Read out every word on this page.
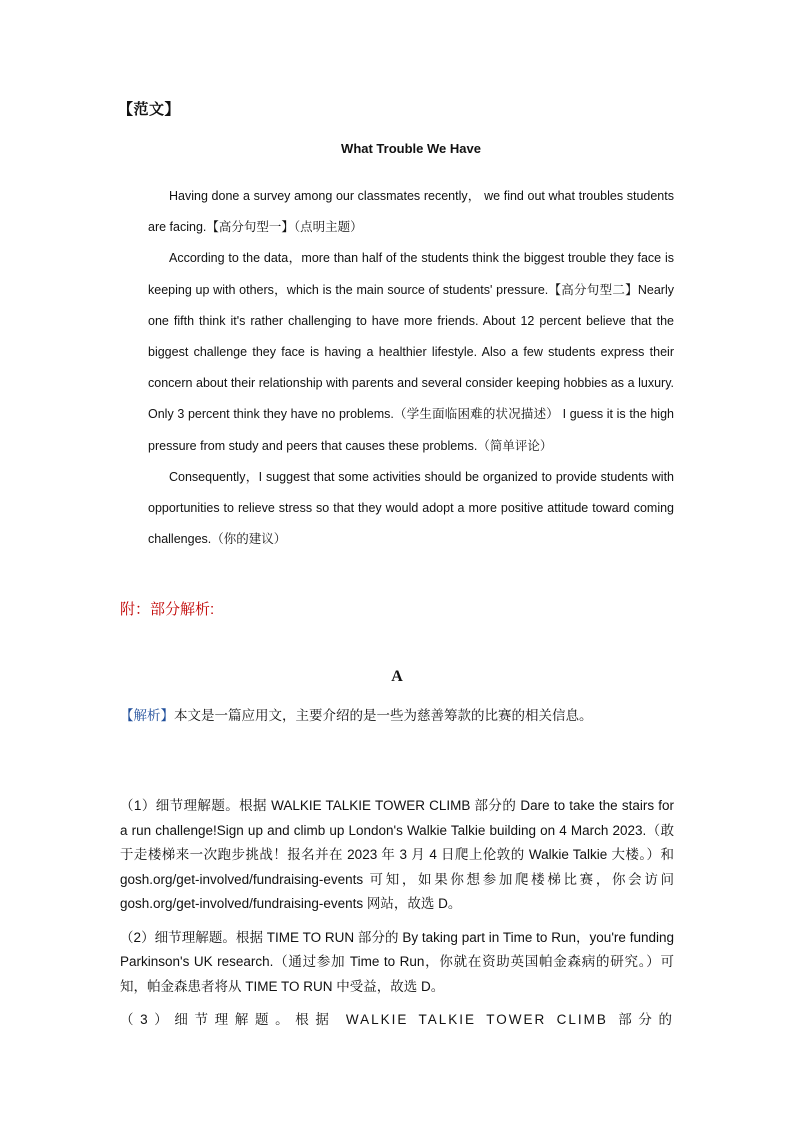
【范文】
What Trouble We Have

Having done a survey among our classmates recently， we find out what troubles students are facing.【高分句型一】（点明主题）

According to the data，more than half of the students think the biggest trouble they face is keeping up with others，which is the main source of students' pressure.【高分句型二】Nearly one fifth think it's rather challenging to have more friends. About 12 percent believe that the biggest challenge they face is having a healthier lifestyle. Also a few students express their concern about their relationship with parents and several consider keeping hobbies as a luxury. Only 3 percent think they have no problems.（学生面临困难的状况描述） I guess it is the high pressure from study and peers that causes these problems.（简单评论）

Consequently，I suggest that some activities should be organized to provide students with opportunities to relieve stress so that they would adopt a more positive attitude toward coming challenges.（你的建议）

附：部分解析:
A
【解析】本文是一篇应用文，主要介绍的是一些为慈善筹款的比赛的相关信息。

（1）细节理解题。根据 WALKIE TALKIE TOWER CLIMB 部分的 Dare to take the stairs for a run challenge!Sign up and climb up London's Walkie Talkie building on 4 March 2023.（敢于走楼梯来一次跑步挑战！报名并在 2023 年 3 月 4 日爬上伦敦的 Walkie Talkie 大楼。）和 gosh.org/get-involved/fundraising-events 可知，如果你想参加爬楼梯比赛，你会访问 gosh.org/get-involved/fundraising-events 网站，故选 D。

（2）细节理解题。根据 TIME TO RUN 部分的 By taking part in Time to Run，you're funding Parkinson's UK research.（通过参加 Time to Run，你就在资助英国帕金森病的研究。）可知，帕金森患者将从 TIME TO RUN 中受益，故选 D。

（3）细节理解题。根据 WALKIE TALKIE TOWER CLIMB 部分的
